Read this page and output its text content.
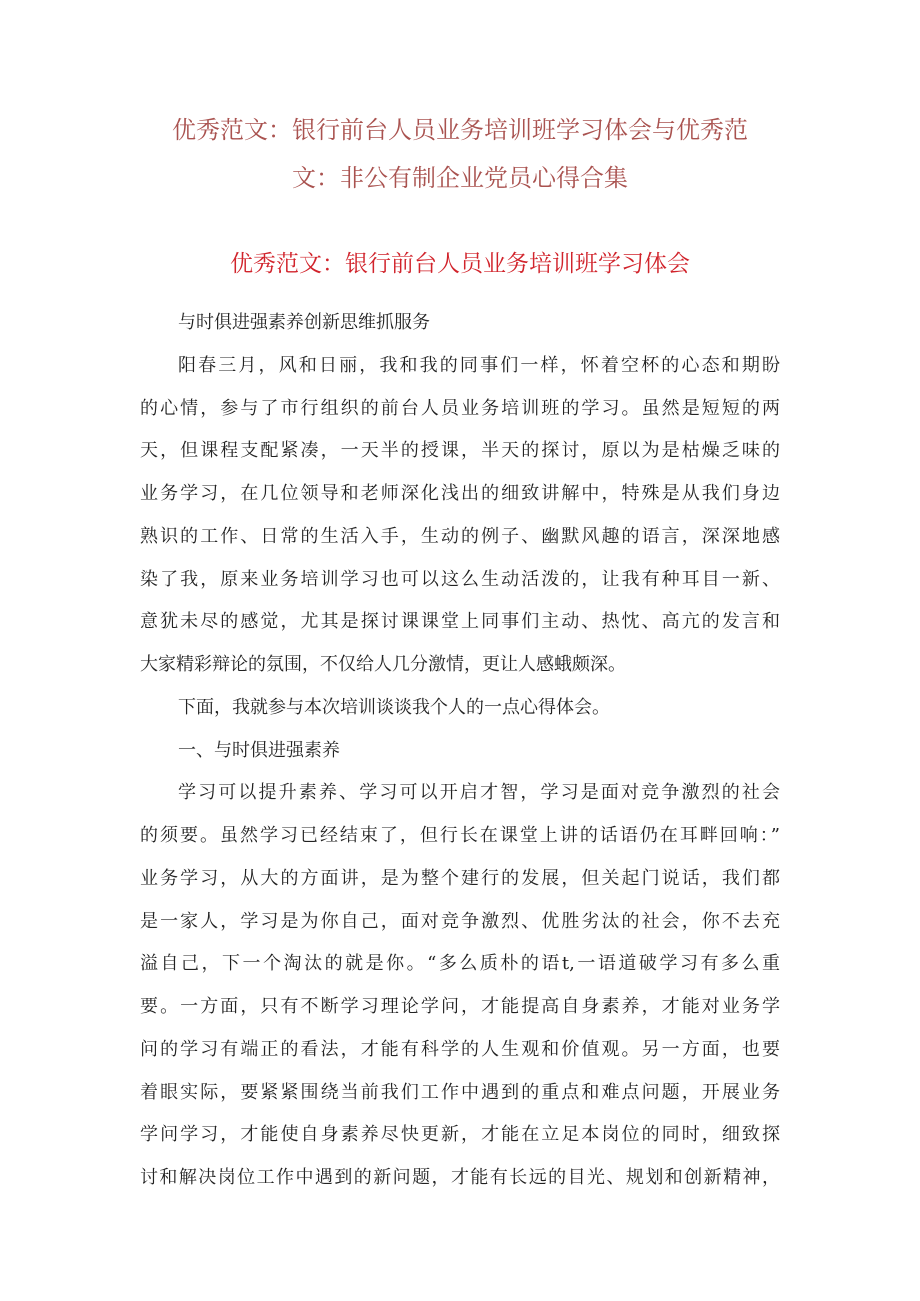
优秀范文：银行前台人员业务培训班学习体会与优秀范
文：非公有制企业党员心得合集
优秀范文：银行前台人员业务培训班学习体会
与时俱进强素养创新思维抓服务
阳春三月，风和日丽，我和我的同事们一样，怀着空杯的心态和期盼
的心情，参与了市行组织的前台人员业务培训班的学习。虽然是短短的两
天，但课程支配紧凑，一天半的授课，半天的探讨，原以为是枯燥乏味的
业务学习，在几位领导和老师深化浅出的细致讲解中，特殊是从我们身边
熟识的工作、日常的生活入手，生动的例子、幽默风趣的语言，深深地感
染了我，原来业务培训学习也可以这么生动活泼的，让我有种耳目一新、
意犹未尽的感觉，尤其是探讨课课堂上同事们主动、热忱、高亢的发言和
大家精彩辩论的氛围，不仅给人几分激情，更让人感蛾颇深。
下面，我就参与本次培训谈谈我个人的一点心得体会。
一、与时俱进强素养
学习可以提升素养、学习可以开启才智，学习是面对竞争激烈的社会
的须要。虽然学习已经结束了，但行长在课堂上讲的话语仍在耳畔回响：”
业务学习，从大的方面讲，是为整个建行的发展，但关起门说话，我们都
是一家人，学习是为你自己，面对竞争激烈、优胜劣汰的社会，你不去充
溢自己，下一个淘汰的就是你。“多么质朴的语t,一语道破学习有多么重
要。一方面，只有不断学习理论学问，才能提高自身素养，才能对业务学
问的学习有端正的看法，才能有科学的人生观和价值观。另一方面，也要
着眼实际，要紧紧围绕当前我们工作中遇到的重点和难点问题，开展业务
学问学习，才能使自身素养尽快更新，才能在立足本岗位的同时，细致探
讨和解决岗位工作中遇到的新问题，才能有长远的目光、规划和创新精神，
